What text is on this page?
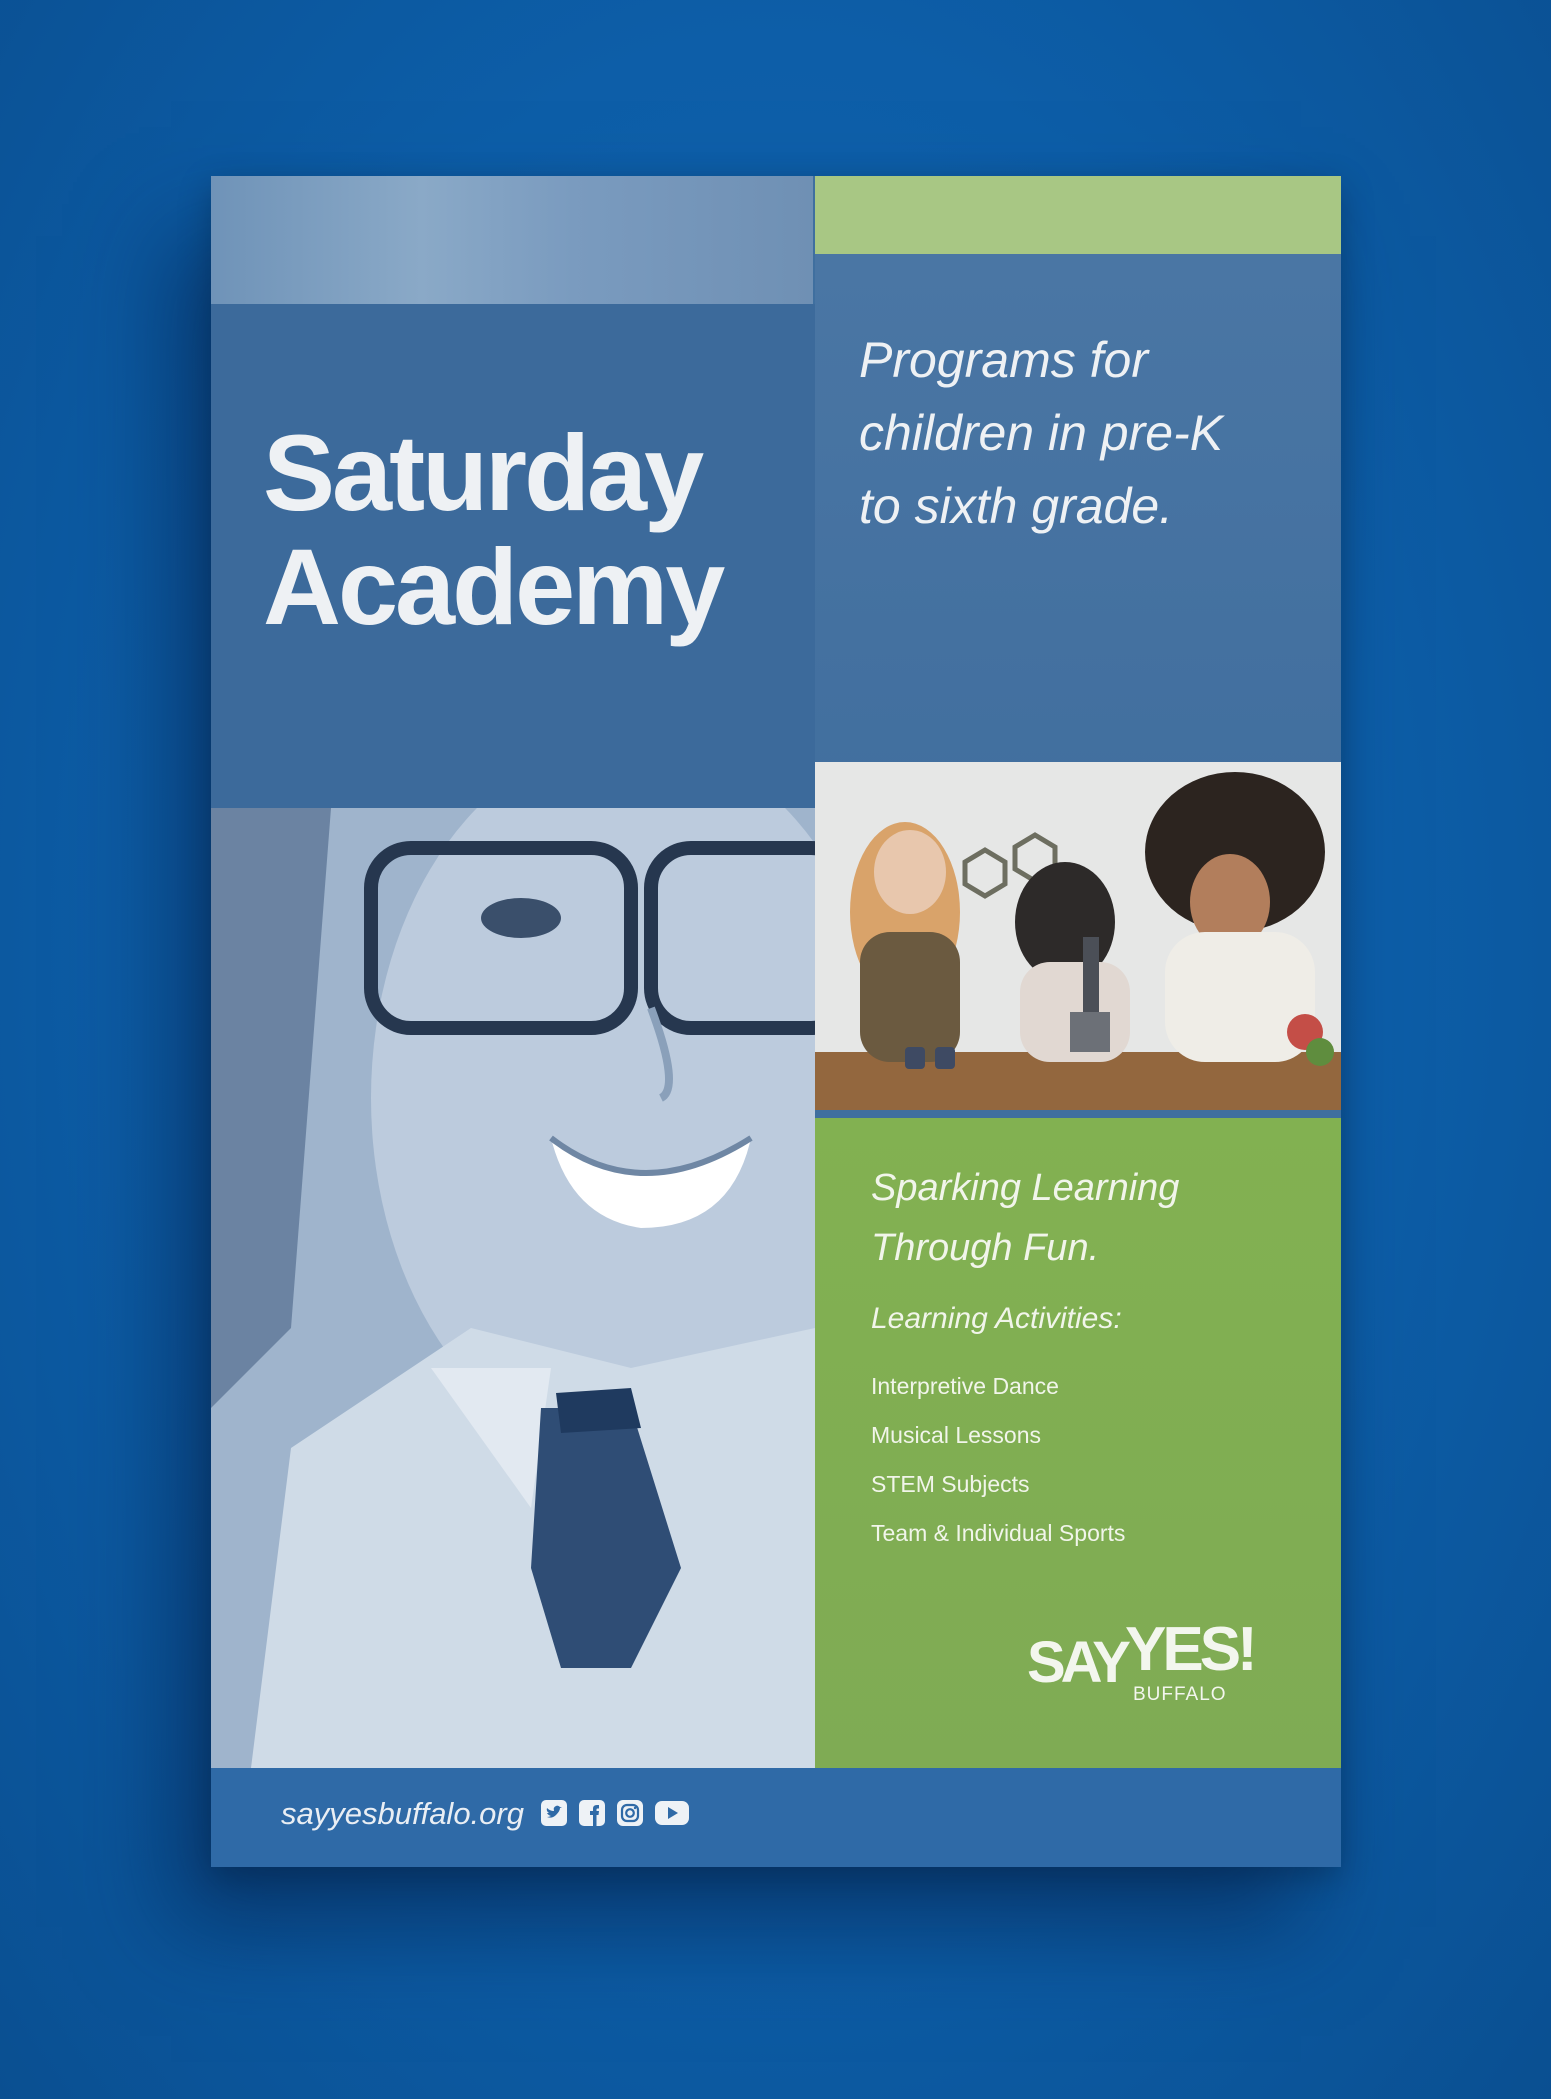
Saturday
Academy

Programs for
children in pre-K
to sixth grade.

Sparking Learning
Through Fun.

Learning Activities:

Interpretive Dance
Musical Lessons
STEM Subjects
Team & Individual Sports
SAY YES!
BUFFALO
sayyesbuffalo.org
